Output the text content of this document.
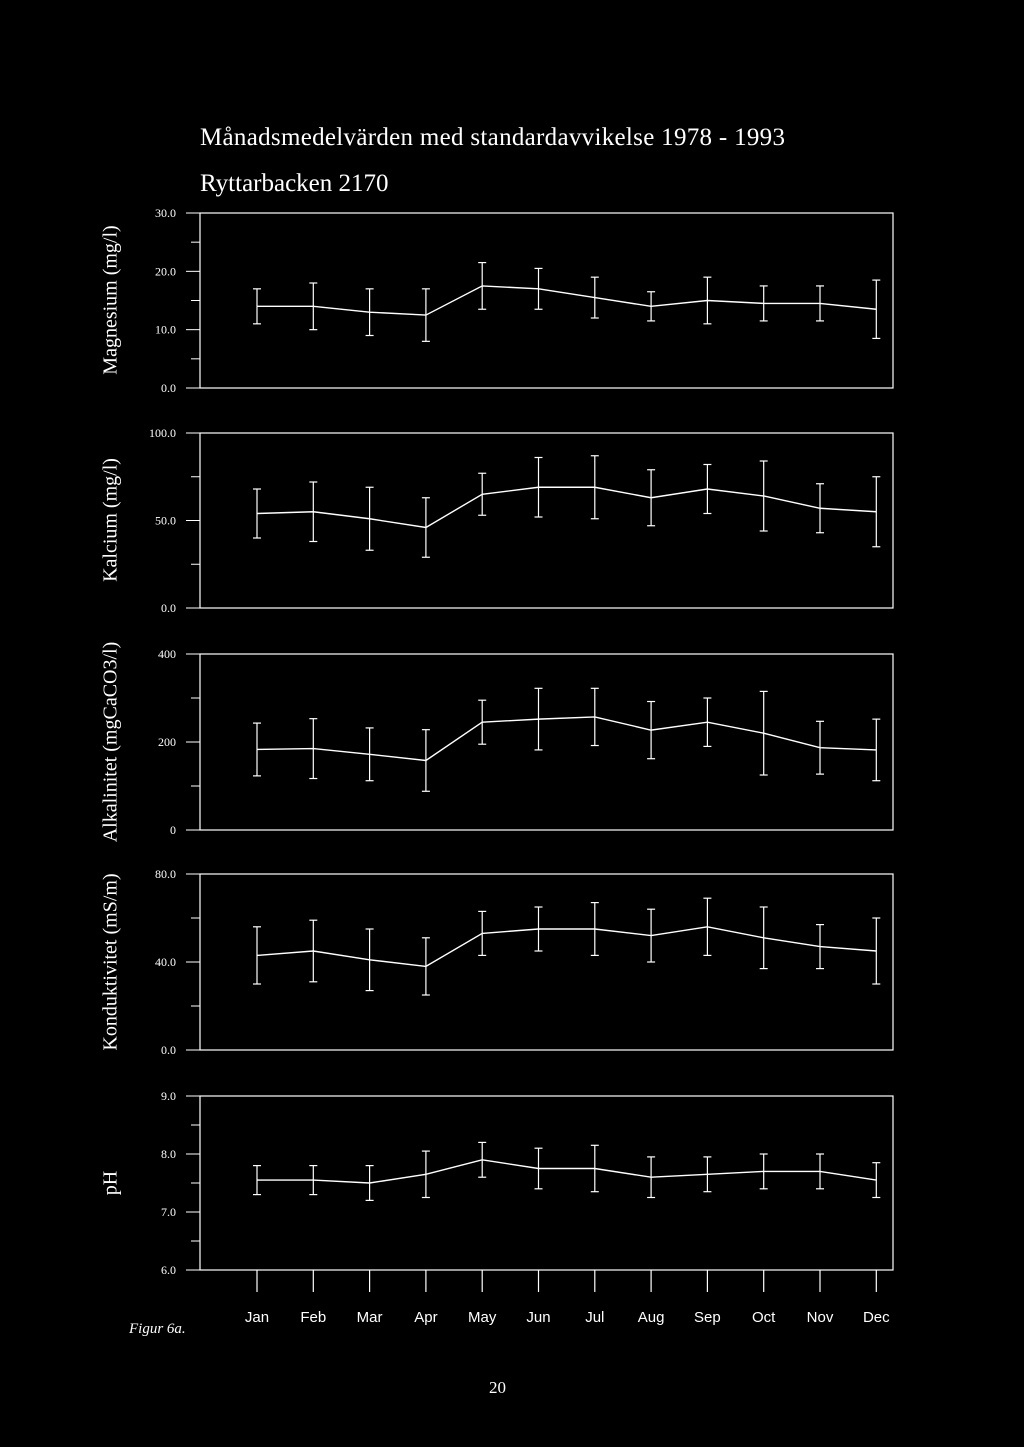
Månadsmedelvärden med standardavvikelse 1978 - 1993
Ryttarbacken 2170
Magnesium (mg/l)
Kalcium (mg/l)
Alkalinitet (mgCaCO3/l)
Konduktivitet (mS/m)
pH
30.0
20.0
10.0
0.0
100.0
50.0
0.0
400
200
0
80.0
40.0
0.0
9.0
8.0
7.0
6.0
Jan Feb Mar Apr May Jun Jul Aug Sep Oct Nov Dec
Figur 6a.
20
